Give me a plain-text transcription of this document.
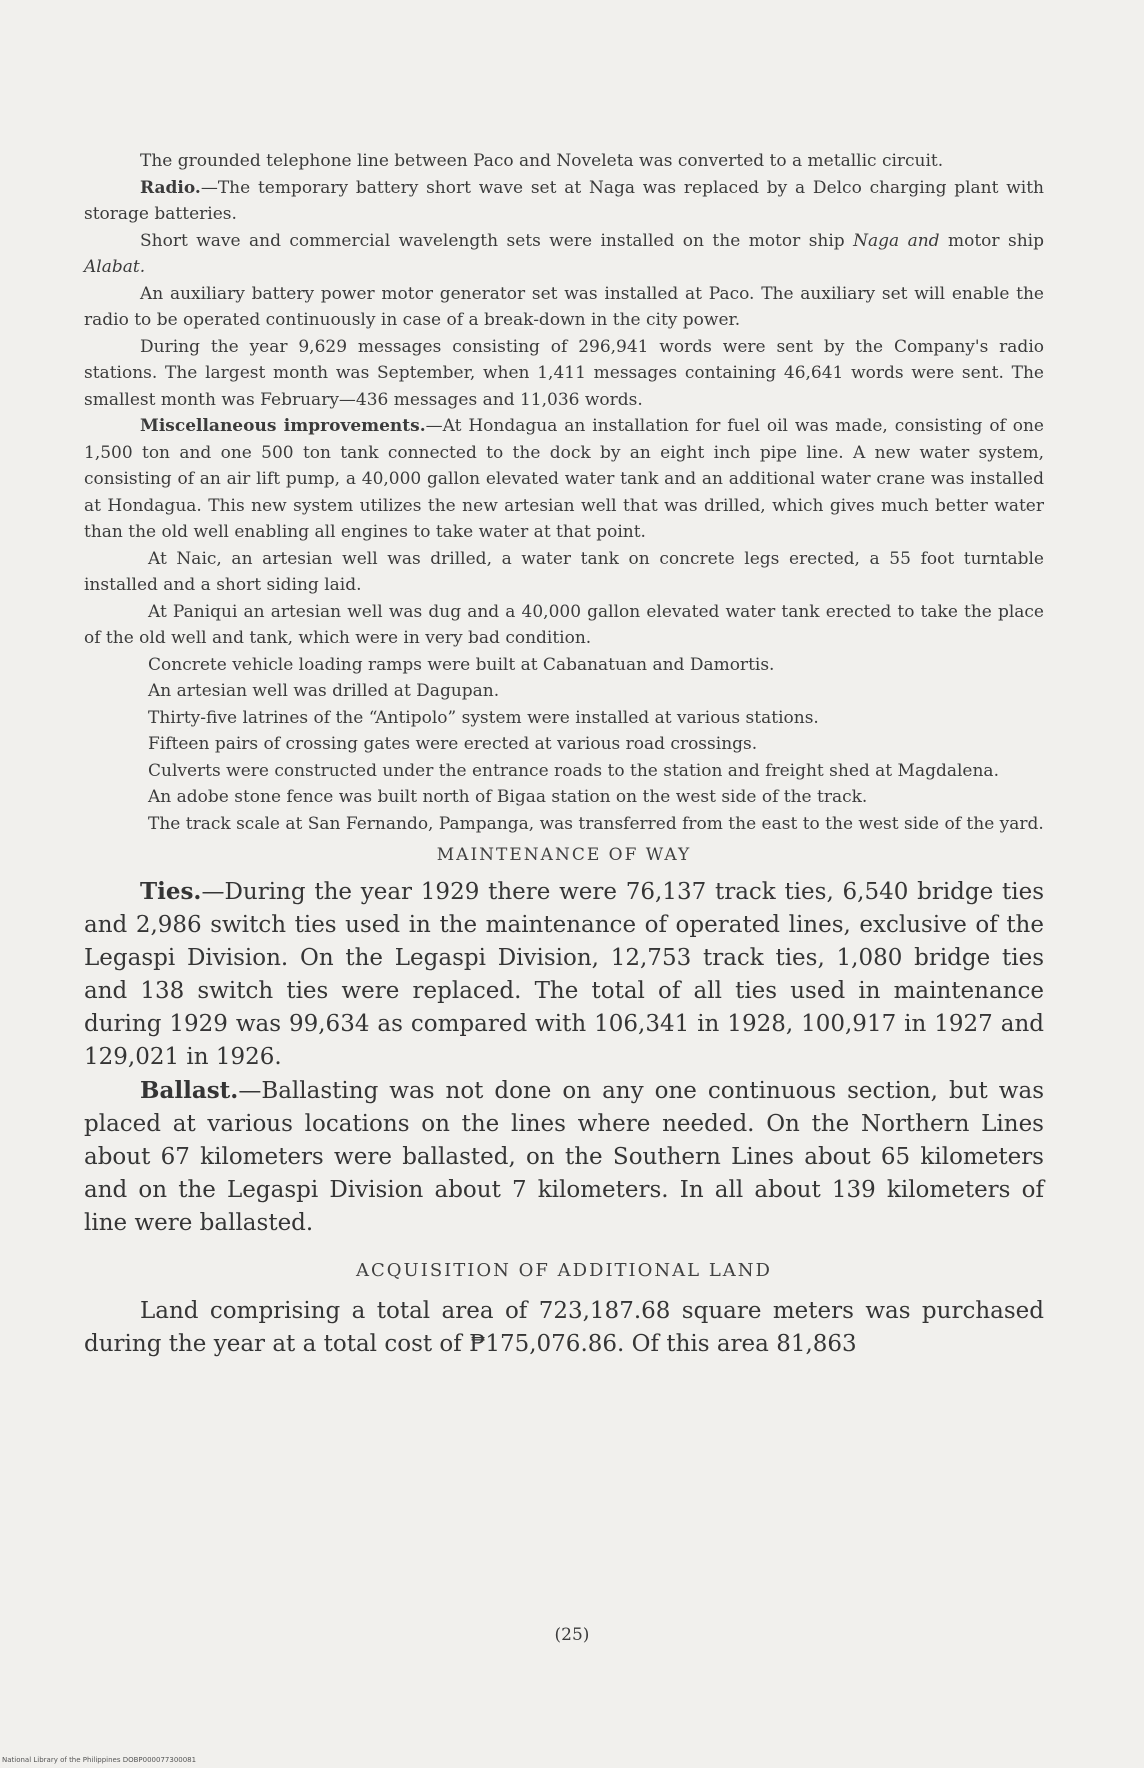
The grounded telephone line between Paco and Noveleta was converted to a metallic circuit.

Radio.—The temporary battery short wave set at Naga was replaced by a Delco charging plant with storage batteries.

Short wave and commercial wavelength sets were installed on the motor ship Naga and motor ship Alabat.

An auxiliary battery power motor generator set was installed at Paco. The auxiliary set will enable the radio to be operated continuously in case of a break-down in the city power.

During the year 9,629 messages consisting of 296,941 words were sent by the Company's radio stations. The largest month was September, when 1,411 messages containing 46,641 words were sent. The smallest month was February—436 messages and 11,036 words.

Miscellaneous improvements.—At Hondagua an installation for fuel oil was made, consisting of one 1,500 ton and one 500 ton tank connected to the dock by an eight inch pipe line. A new water system, consisting of an air lift pump, a 40,000 gallon elevated water tank and an additional water crane was installed at Hondagua. This new system utilizes the new artesian well that was drilled, which gives much better water than the old well enabling all engines to take water at that point.

At Naic, an artesian well was drilled, a water tank on concrete legs erected, a 55 foot turntable installed and a short siding laid.

At Paniqui an artesian well was dug and a 40,000 gallon elevated water tank erected to take the place of the old well and tank, which were in very bad condition.

Concrete vehicle loading ramps were built at Cabanatuan and Damortis.

An artesian well was drilled at Dagupan.

Thirty-five latrines of the “Antipolo” system were installed at various stations.

Fifteen pairs of crossing gates were erected at various road crossings.

Culverts were constructed under the entrance roads to the station and freight shed at Magdalena.

An adobe stone fence was built north of Bigaa station on the west side of the track.

The track scale at San Fernando, Pampanga, was transferred from the east to the west side of the yard.

MAINTENANCE OF WAY

Ties.—During the year 1929 there were 76,137 track ties, 6,540 bridge ties and 2,986 switch ties used in the maintenance of operated lines, exclusive of the Legaspi Division. On the Legaspi Division, 12,753 track ties, 1,080 bridge ties and 138 switch ties were replaced. The total of all ties used in maintenance during 1929 was 99,634 as compared with 106,341 in 1928, 100,917 in 1927 and 129,021 in 1926.

Ballast.—Ballasting was not done on any one continuous section, but was placed at various locations on the lines where needed. On the Northern Lines about 67 kilometers were ballasted, on the Southern Lines about 65 kilometers and on the Legaspi Division about 7 kilometers. In all about 139 kilometers of line were ballasted.

ACQUISITION OF ADDITIONAL LAND

Land comprising a total area of 723,187.68 square meters was purchased during the year at a total cost of ₱175,076.86. Of this area 81,863

(25)
National Library of the Philippines DOBP000077300081
